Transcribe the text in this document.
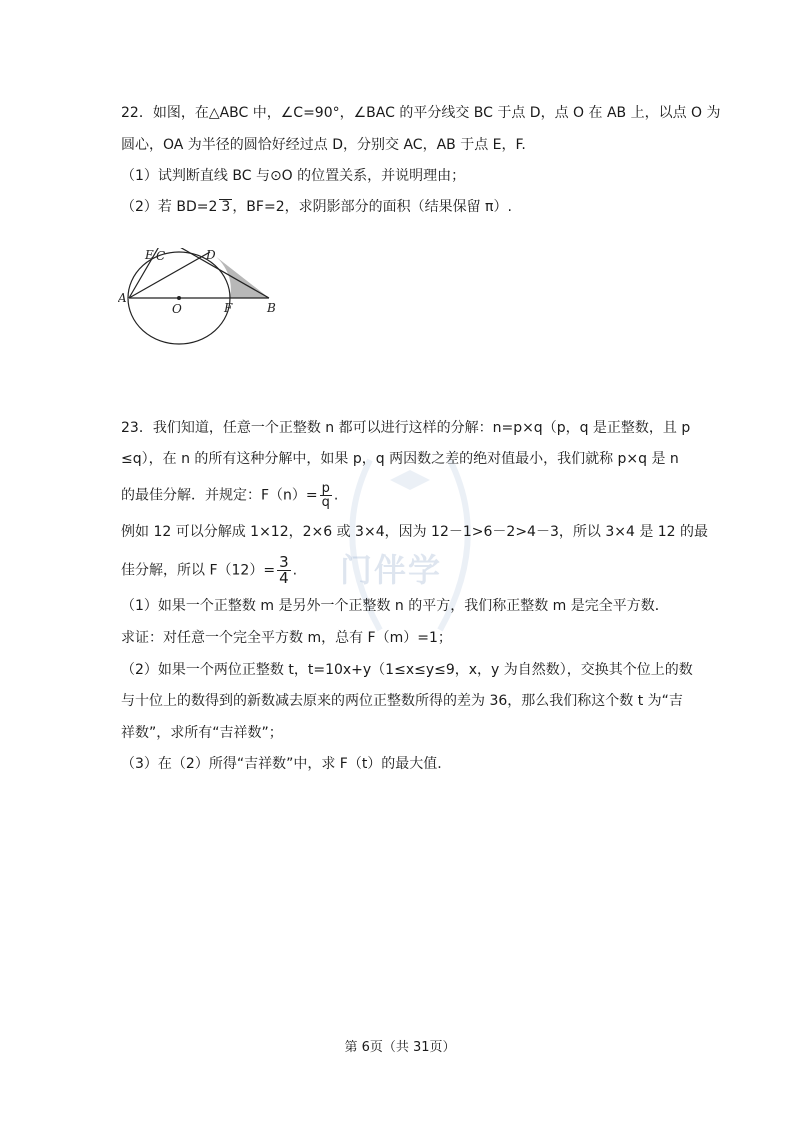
22．如图，在△ABC 中，∠C=90°，∠BAC 的平分线交 BC 于点 D，点 O 在 AB 上，以点 O 为
圆心，OA 为半径的圆恰好经过点 D，分别交 AC，AB 于点 E，F.
（1）试判断直线 BC 与⊙O 的位置关系，并说明理由；
（2）若 BD=2 3 ，BF=2，求阴影部分的面积（结果保留 π）.
A
B
C	D
E
F
O
门伴学
23．我们知道，任意一个正整数 n 都可以进行这样的分解：n=p×q（p，q 是正整数，且 p
≤q），在 n 的所有这种分解中，如果 p，q 两因数之差的绝对值最小，我们就称 p×q 是 n
的最佳分解．并规定：$F(n)= \frac{p}{q}$ .
例如 12 可以分解成 1×12，2×6 或 3×4，因为 12－1>6－2>4－3，所以 3×4 是 12 的最
佳分解，所以 $F(12)= \frac{3}{4}$ .
（1）如果一个正整数 m 是另外一个正整数 n 的平方，我们称正整数 m 是完全平方数．
求证：对任意一个完全平方数 m，总有 F（m）=1；
（2）如果一个两位正整数 t，t=10x+y（1≤x≤y≤9，x，y 为自然数），交换其个位上的数
与十位上的数得到的新数减去原来的两位正整数所得的差为 36，那么我们称这个数 t 为“吉
祥数”，求所有“吉祥数”；
（3）在（2）所得“吉祥数”中，求 F（t）的最大值.
第 6页（共 31页）
